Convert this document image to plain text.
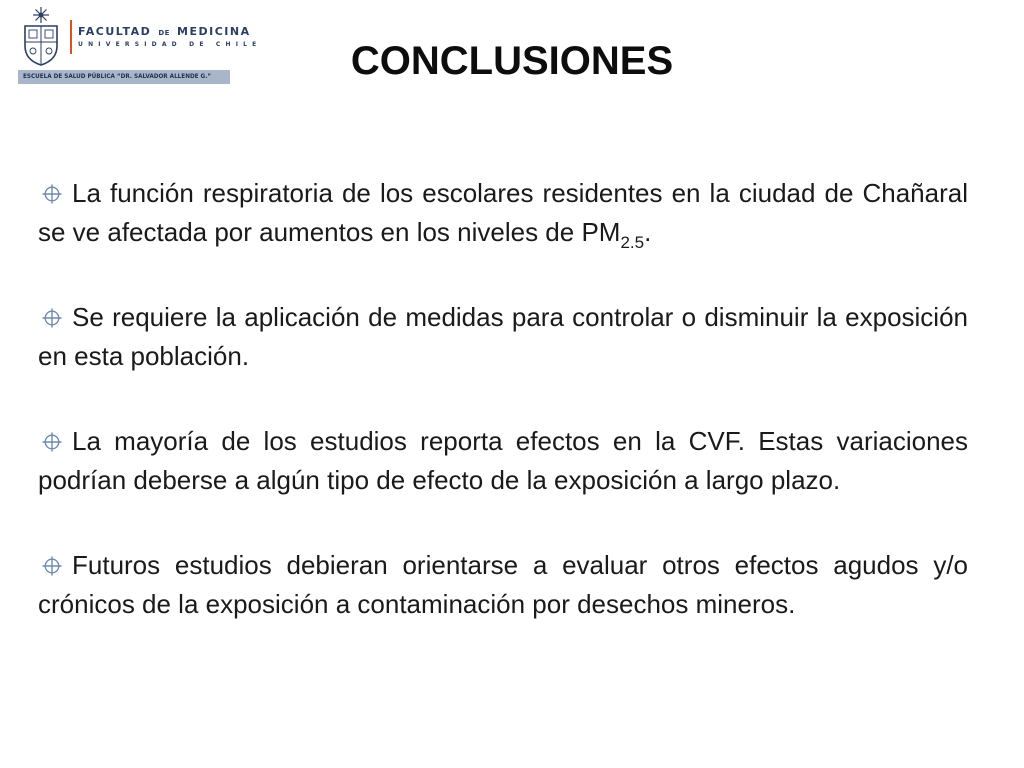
FACULTAD DE MEDICINA
UNIVERSIDAD DE CHILE
ESCUELA DE SALUD PÚBLICA “DR. SALVADOR ALLENDE G.”	CONCLUSIONES
La función respiratoria de los escolares residentes en la ciudad de Chañaral se ve afectada por aumentos en los niveles de $PM_{2.5}$.
Se requiere la aplicación de medidas para controlar o disminuir la exposición en esta población.
La mayoría de los estudios reporta efectos en la CVF. Estas variaciones podrían deberse a algún tipo de efecto de la exposición a largo plazo.
Futuros estudios debieran orientarse a evaluar otros efectos agudos y/o crónicos de la exposición a contaminación por desechos mineros.
